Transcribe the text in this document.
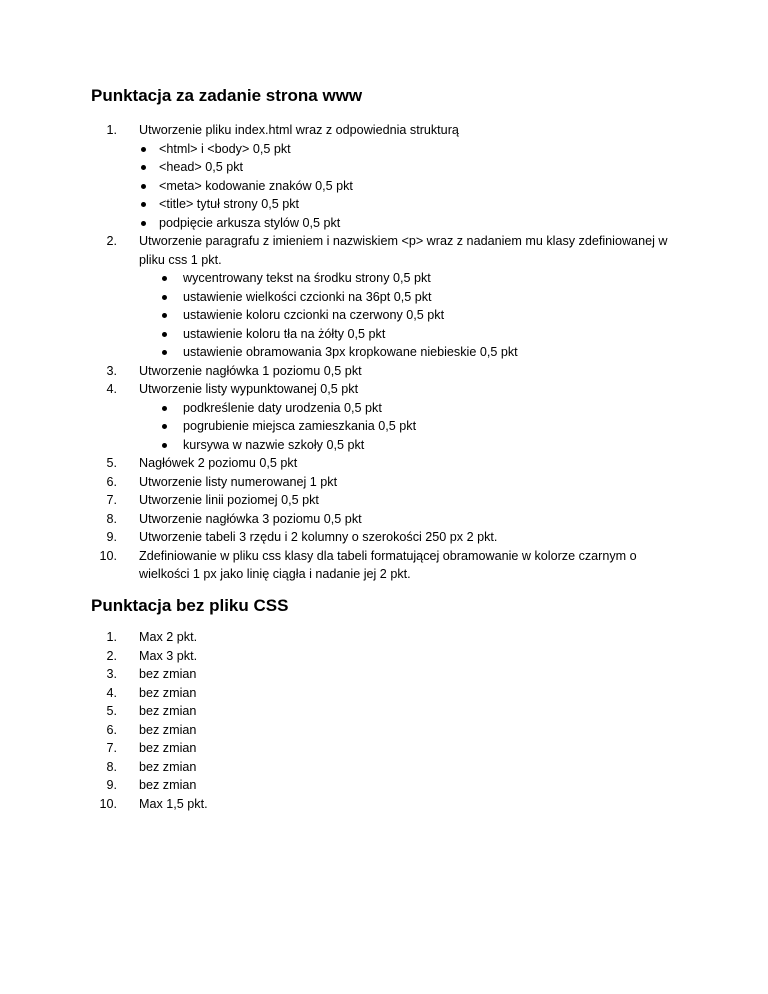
Punktacja za zadanie strona www
1. Utworzenie pliku index.html wraz z odpowiednia strukturą
<html> i <body> 0,5 pkt
<head> 0,5 pkt
<meta> kodowanie znaków 0,5 pkt
<title> tytuł strony 0,5 pkt
podpięcie arkusza stylów 0,5 pkt
2. Utworzenie paragrafu z imieniem i nazwiskiem <p> wraz z nadaniem mu klasy zdefiniowanej w pliku css 1 pkt.
wycentrowany tekst na środku strony 0,5 pkt
ustawienie wielkości czcionki na 36pt 0,5 pkt
ustawienie koloru czcionki na czerwony 0,5 pkt
ustawienie koloru tła na żółty 0,5 pkt
ustawienie obramowania 3px kropkowane niebieskie 0,5 pkt
3. Utworzenie nagłówka 1 poziomu 0,5 pkt
4. Utworzenie listy wypunktowanej 0,5 pkt
podkreślenie daty urodzenia 0,5 pkt
pogrubienie miejsca zamieszkania 0,5 pkt
kursywa w nazwie szkoły 0,5 pkt
5. Nagłówek 2 poziomu 0,5 pkt
6. Utworzenie listy numerowanej 1 pkt
7. Utworzenie linii poziomej 0,5 pkt
8. Utworzenie nagłówka 3 poziomu 0,5 pkt
9. Utworzenie tabeli 3 rzędu i 2 kolumny o szerokości 250 px 2 pkt.
10. Zdefiniowanie w pliku css klasy dla tabeli formatującej obramowanie w kolorze czarnym o wielkości 1 px jako linię ciągła i nadanie jej 2 pkt.
Punktacja bez pliku CSS
1. Max 2 pkt.
2. Max 3 pkt.
3. bez zmian
4. bez zmian
5. bez zmian
6. bez zmian
7. bez zmian
8. bez zmian
9. bez zmian
10. Max 1,5 pkt.
